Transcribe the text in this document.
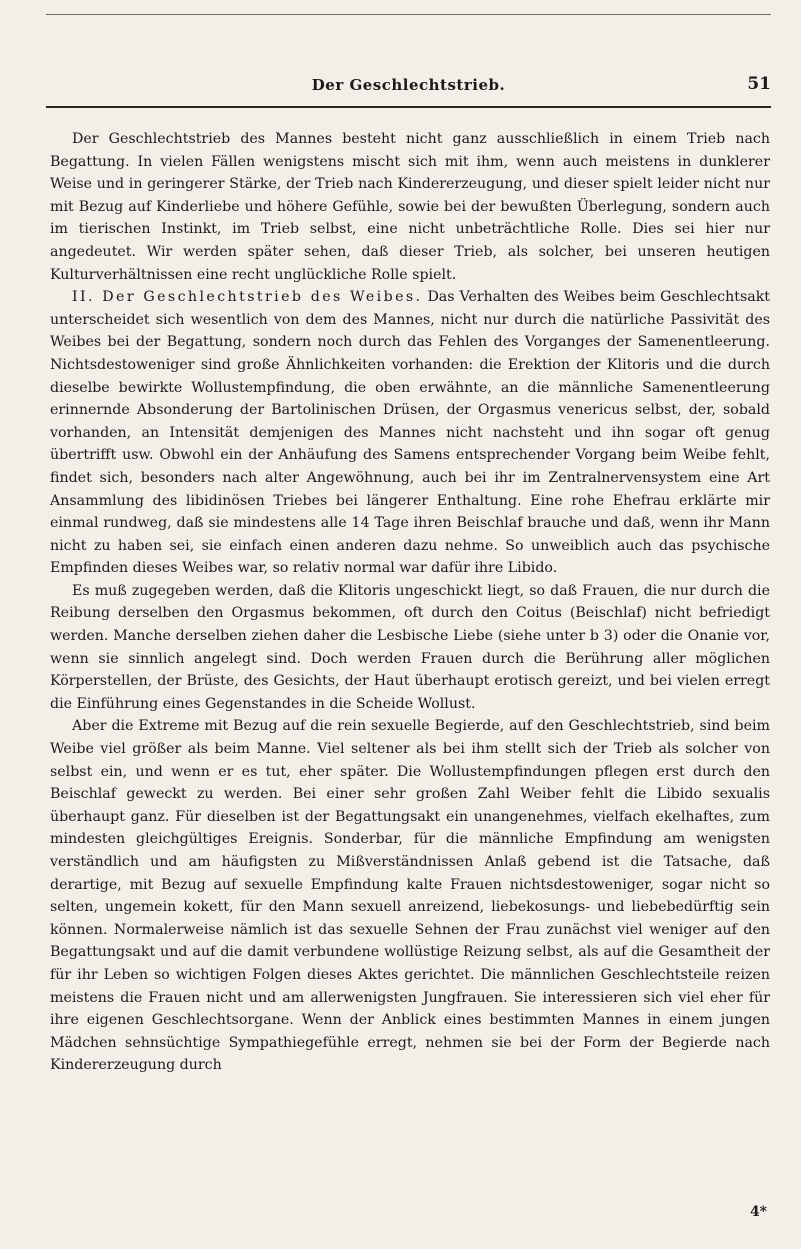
Der Geschlechtstrieb.	51

Der Geschlechtstrieb des Mannes besteht nicht ganz ausschließlich in einem Trieb nach Begattung. In vielen Fällen wenigstens mischt sich mit ihm, wenn auch meistens in dunklerer Weise und in geringerer Stärke, der Trieb nach Kindererzeugung, und dieser spielt leider nicht nur mit Bezug auf Kinderliebe und höhere Gefühle, sowie bei der bewußten Überlegung, sondern auch im tierischen Instinkt, im Trieb selbst, eine nicht unbeträchtliche Rolle. Dies sei hier nur angedeutet. Wir werden später sehen, daß dieser Trieb, als solcher, bei unseren heutigen Kulturverhältnissen eine recht unglückliche Rolle spielt.

II. Der Geschlechtstrieb des Weibes. Das Verhalten des Weibes beim Geschlechtsakt unterscheidet sich wesentlich von dem des Mannes, nicht nur durch die natürliche Passivität des Weibes bei der Begattung, sondern noch durch das Fehlen des Vorganges der Samenentleerung. Nichtsdestoweniger sind große Ähnlichkeiten vorhanden: die Erektion der Klitoris und die durch dieselbe bewirkte Wollustempfindung, die oben erwähnte, an die männliche Samenentleerung erinnernde Absonderung der Bartolinischen Drüsen, der Orgasmus venericus selbst, der, sobald vorhanden, an Intensität demjenigen des Mannes nicht nachsteht und ihn sogar oft genug übertrifft usw. Obwohl ein der Anhäufung des Samens entsprechender Vorgang beim Weibe fehlt, findet sich, besonders nach alter Angewöhnung, auch bei ihr im Zentralnervensystem eine Art Ansammlung des libidinösen Triebes bei längerer Enthaltung. Eine rohe Ehefrau erklärte mir einmal rundweg, daß sie mindestens alle 14 Tage ihren Beischlaf brauche und daß, wenn ihr Mann nicht zu haben sei, sie einfach einen anderen dazu nehme. So unweiblich auch das psychische Empfinden dieses Weibes war, so relativ normal war dafür ihre Libido.

Es muß zugegeben werden, daß die Klitoris ungeschickt liegt, so daß Frauen, die nur durch die Reibung derselben den Orgasmus bekommen, oft durch den Coitus (Beischlaf) nicht befriedigt werden. Manche derselben ziehen daher die Lesbische Liebe (siehe unter b 3) oder die Onanie vor, wenn sie sinnlich angelegt sind. Doch werden Frauen durch die Berührung aller möglichen Körperstellen, der Brüste, des Gesichts, der Haut überhaupt erotisch gereizt, und bei vielen erregt die Einführung eines Gegenstandes in die Scheide Wollust.

Aber die Extreme mit Bezug auf die rein sexuelle Begierde, auf den Geschlechtstrieb, sind beim Weibe viel größer als beim Manne. Viel seltener als bei ihm stellt sich der Trieb als solcher von selbst ein, und wenn er es tut, eher später. Die Wollustempfindungen pflegen erst durch den Beischlaf geweckt zu werden. Bei einer sehr großen Zahl Weiber fehlt die Libido sexualis überhaupt ganz. Für dieselben ist der Begattungsakt ein unangenehmes, vielfach ekelhaftes, zum mindesten gleichgültiges Ereignis. Sonderbar, für die männliche Empfindung am wenigsten verständlich und am häufigsten zu Mißverständnissen Anlaß gebend ist die Tatsache, daß derartige, mit Bezug auf sexuelle Empfindung kalte Frauen nichtsdestoweniger, sogar nicht so selten, ungemein kokett, für den Mann sexuell anreizend, liebekosungs- und liebebedürftig sein können. Normalerweise nämlich ist das sexuelle Sehnen der Frau zunächst viel weniger auf den Begattungsakt und auf die damit verbundene wollüstige Reizung selbst, als auf die Gesamtheit der für ihr Leben so wichtigen Folgen dieses Aktes gerichtet. Die männlichen Geschlechtsteile reizen meistens die Frauen nicht und am allerwenigsten Jungfrauen. Sie interessieren sich viel eher für ihre eigenen Geschlechtsorgane. Wenn der Anblick eines bestimmten Mannes in einem jungen Mädchen sehnsüchtige Sympathiegefühle erregt, nehmen sie bei der Form der Begierde nach Kindererzeugung durch

4*
